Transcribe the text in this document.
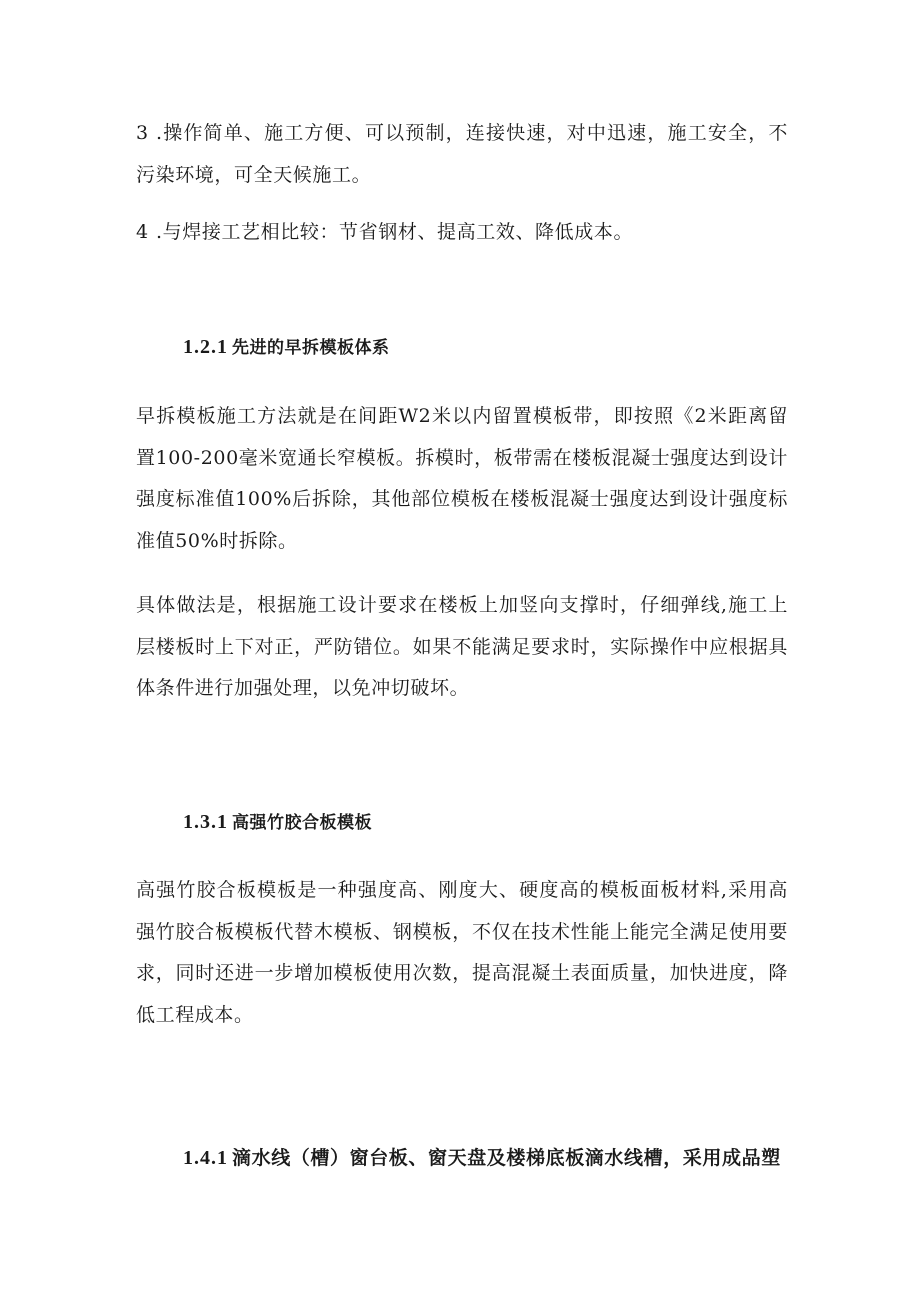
3 .操作简单、施工方便、可以预制，连接快速，对中迅速，施工安全，不污染环境，可全天候施工。

4 .与焊接工艺相比较：节省钢材、提高工效、降低成本。

1.2.1 先进的早拆模板体系

早拆模板施工方法就是在间距W2米以内留置模板带，即按照《2米距离留置100-200毫米宽通长窄模板。拆模时，板带需在楼板混凝士强度达到设计强度标准值100%后拆除，其他部位模板在楼板混凝士强度达到设计强度标准值50%时拆除。

具体做法是，根据施工设计要求在楼板上加竖向支撑时，仔细弹线,施工上层楼板时上下对正，严防错位。如果不能满足要求时，实际操作中应根据具体条件进行加强处理，以免冲切破坏。

1.3.1 高强竹胶合板模板

高强竹胶合板模板是一种强度高、刚度大、硬度高的模板面板材料,采用高强竹胶合板模板代替木模板、钢模板，不仅在技术性能上能完全满足使用要求，同时还进一步增加模板使用次数，提高混凝土表面质量，加快进度，降低工程成本。

1.4.1 滴水线（槽）窗台板、窗天盘及楼梯底板滴水线槽，采用成品塑
